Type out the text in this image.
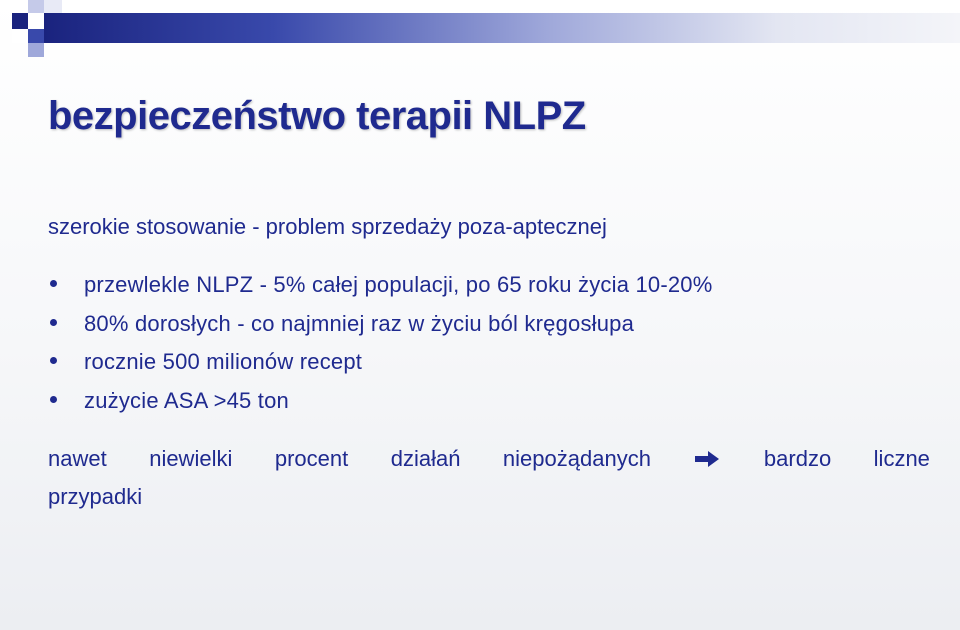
bezpieczeństwo terapii NLPZ

szerokie stosowanie - problem sprzedaży poza-aptecznej

przewlekle NLPZ - 5% całej populacji, po 65 roku życia 10-20%
80% dorosłych - co najmniej raz w życiu ból kręgosłupa
rocznie 500 milionów recept
zużycie ASA >45 ton
nawet niewielki procent działań niepożądanych	bardzo liczne
przypadki
